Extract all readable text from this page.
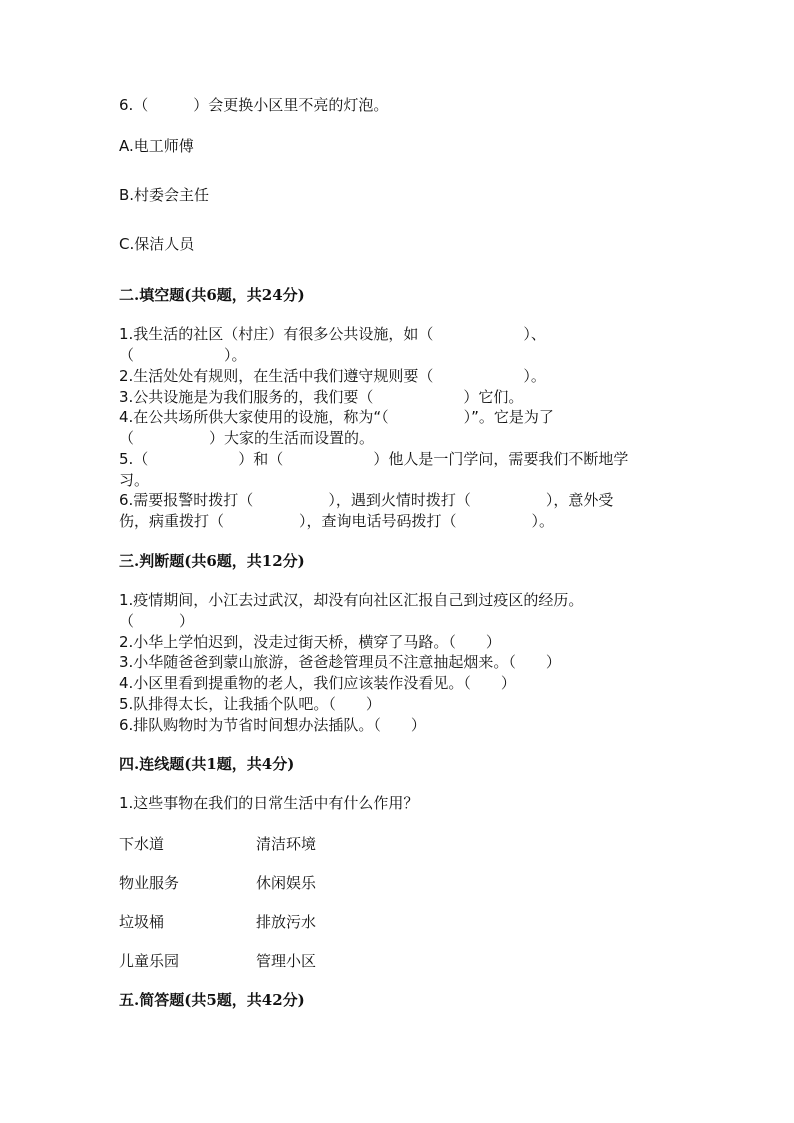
6.（　　　）会更换小区里不亮的灯泡。

A.电工师傅

B.村委会主任

C.保洁人员

二.填空题(共6题，共24分)

1.我生活的社区（村庄）有很多公共设施，如（　　　　　　）、

（　　　　　　）。

2.生活处处有规则，在生活中我们遵守规则要（　　　　　　）。

3.公共设施是为我们服务的，我们要（　　　　　　）它们。

4.在公共场所供大家使用的设施，称为“（　　　　　）”。它是为了

（　　　　　）大家的生活而设置的。

5.（　　　　　　）和（　　　　　　）他人是一门学问，需要我们不断地学

习。

6.需要报警时拨打（　　　　　），遇到火情时拨打（　　　　　），意外受

伤，病重拨打（　　　　　），查询电话号码拨打（　　　　　）。

三.判断题(共6题，共12分)

1.疫情期间，小江去过武汉，却没有向社区汇报自己到过疫区的经历。

（　　　）

2.小华上学怕迟到，没走过街天桥，横穿了马路。（　　）

3.小华随爸爸到蒙山旅游，爸爸趁管理员不注意抽起烟来。（　　）

4.小区里看到提重物的老人，我们应该装作没看见。（　　）

5.队排得太长，让我插个队吧。（　　）

6.排队购物时为节省时间想办法插队。（　　）

四.连线题(共1题，共4分)

1.这些事物在我们的日常生活中有什么作用？

下水道	清洁环境
物业服务	休闲娱乐
垃圾桶	排放污水
儿童乐园	管理小区

五.简答题(共5题，共42分)
